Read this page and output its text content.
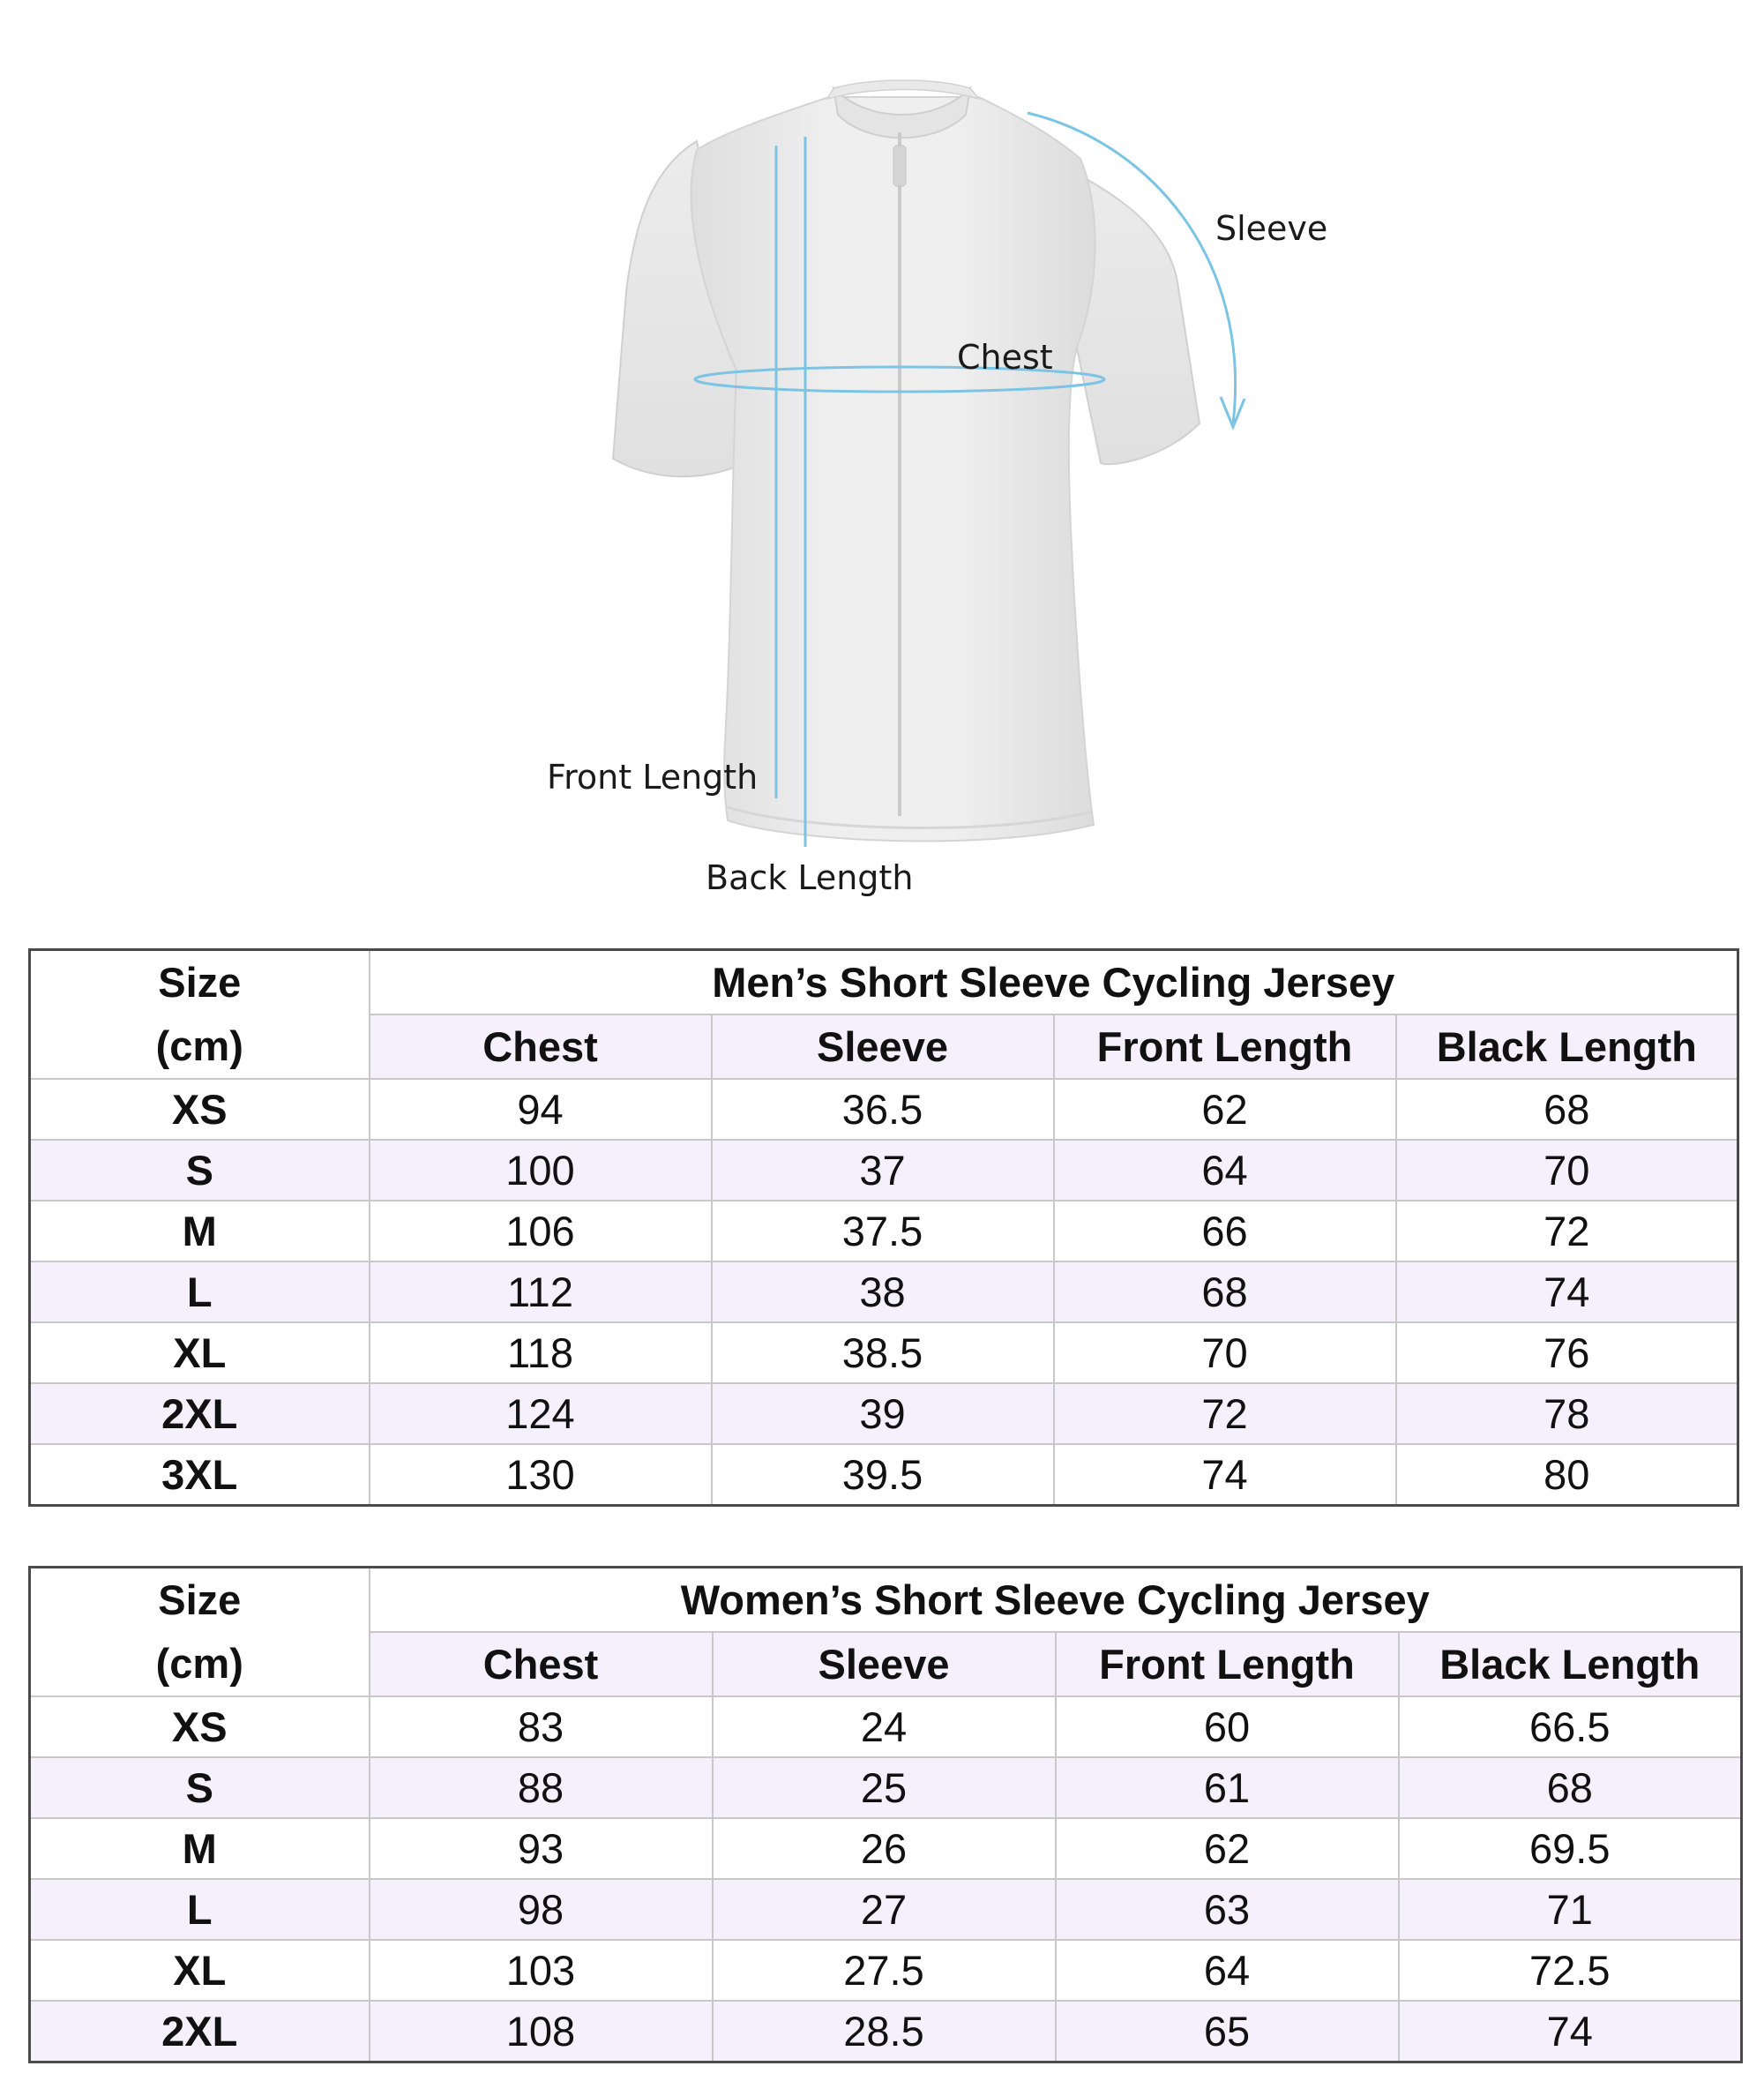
Sleeve
Chest
Front Length
Back Length
Size
(cm)	Men’s Short Sleeve Cycling Jersey			
	Chest	Sleeve	Front Length	Black Length
XS	94	36.5	62	68
S	100	37	64	70
M	106	37.5	66	72
L	112	38	68	74
XL	118	38.5	70	76
2XL	124	39	72	78
3XL	130	39.5	74	80
Size
(cm)	Women’s Short Sleeve Cycling Jersey			
	Chest	Sleeve	Front Length	Black Length
XS	83	24	60	66.5
S	88	25	61	68
M	93	26	62	69.5
L	98	27	63	71
XL	103	27.5	64	72.5
2XL	108	28.5	65	74
